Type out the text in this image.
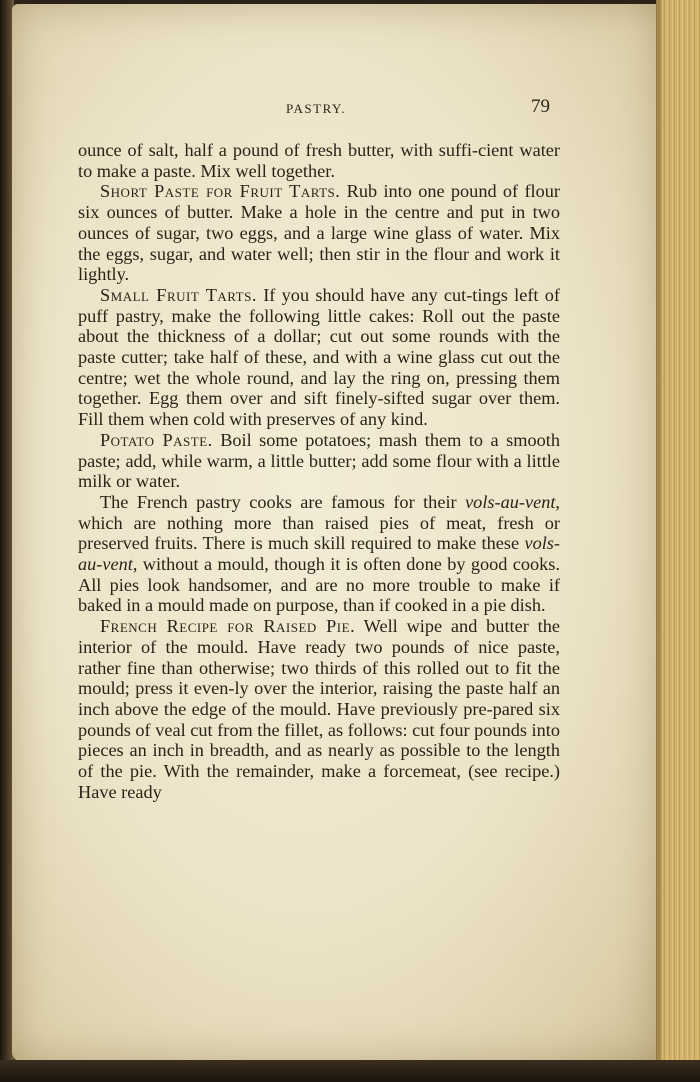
PASTRY.	79

ounce of salt, half a pound of fresh butter, with suffi-cient water to make a paste. Mix well together.

Short Paste for Fruit Tarts. Rub into one pound of flour six ounces of butter. Make a hole in the centre and put in two ounces of sugar, two eggs, and a large wine glass of water. Mix the eggs, sugar, and water well; then stir in the flour and work it lightly.

Small Fruit Tarts. If you should have any cut-tings left of puff pastry, make the following little cakes: Roll out the paste about the thickness of a dollar; cut out some rounds with the paste cutter; take half of these, and with a wine glass cut out the centre; wet the whole round, and lay the ring on, pressing them together. Egg them over and sift finely-sifted sugar over them. Fill them when cold with preserves of any kind.

Potato Paste. Boil some potatoes; mash them to a smooth paste; add, while warm, a little butter; add some flour with a little milk or water.

The French pastry cooks are famous for their vols-au-vent, which are nothing more than raised pies of meat, fresh or preserved fruits. There is much skill required to make these vols-au-vent, without a mould, though it is often done by good cooks. All pies look handsomer, and are no more trouble to make if baked in a mould made on purpose, than if cooked in a pie dish.

French Recipe for Raised Pie. Well wipe and butter the interior of the mould. Have ready two pounds of nice paste, rather fine than otherwise; two thirds of this rolled out to fit the mould; press it even-ly over the interior, raising the paste half an inch above the edge of the mould. Have previously pre-pared six pounds of veal cut from the fillet, as follows: cut four pounds into pieces an inch in breadth, and as nearly as possible to the length of the pie. With the remainder, make a forcemeat, (see recipe.) Have ready
